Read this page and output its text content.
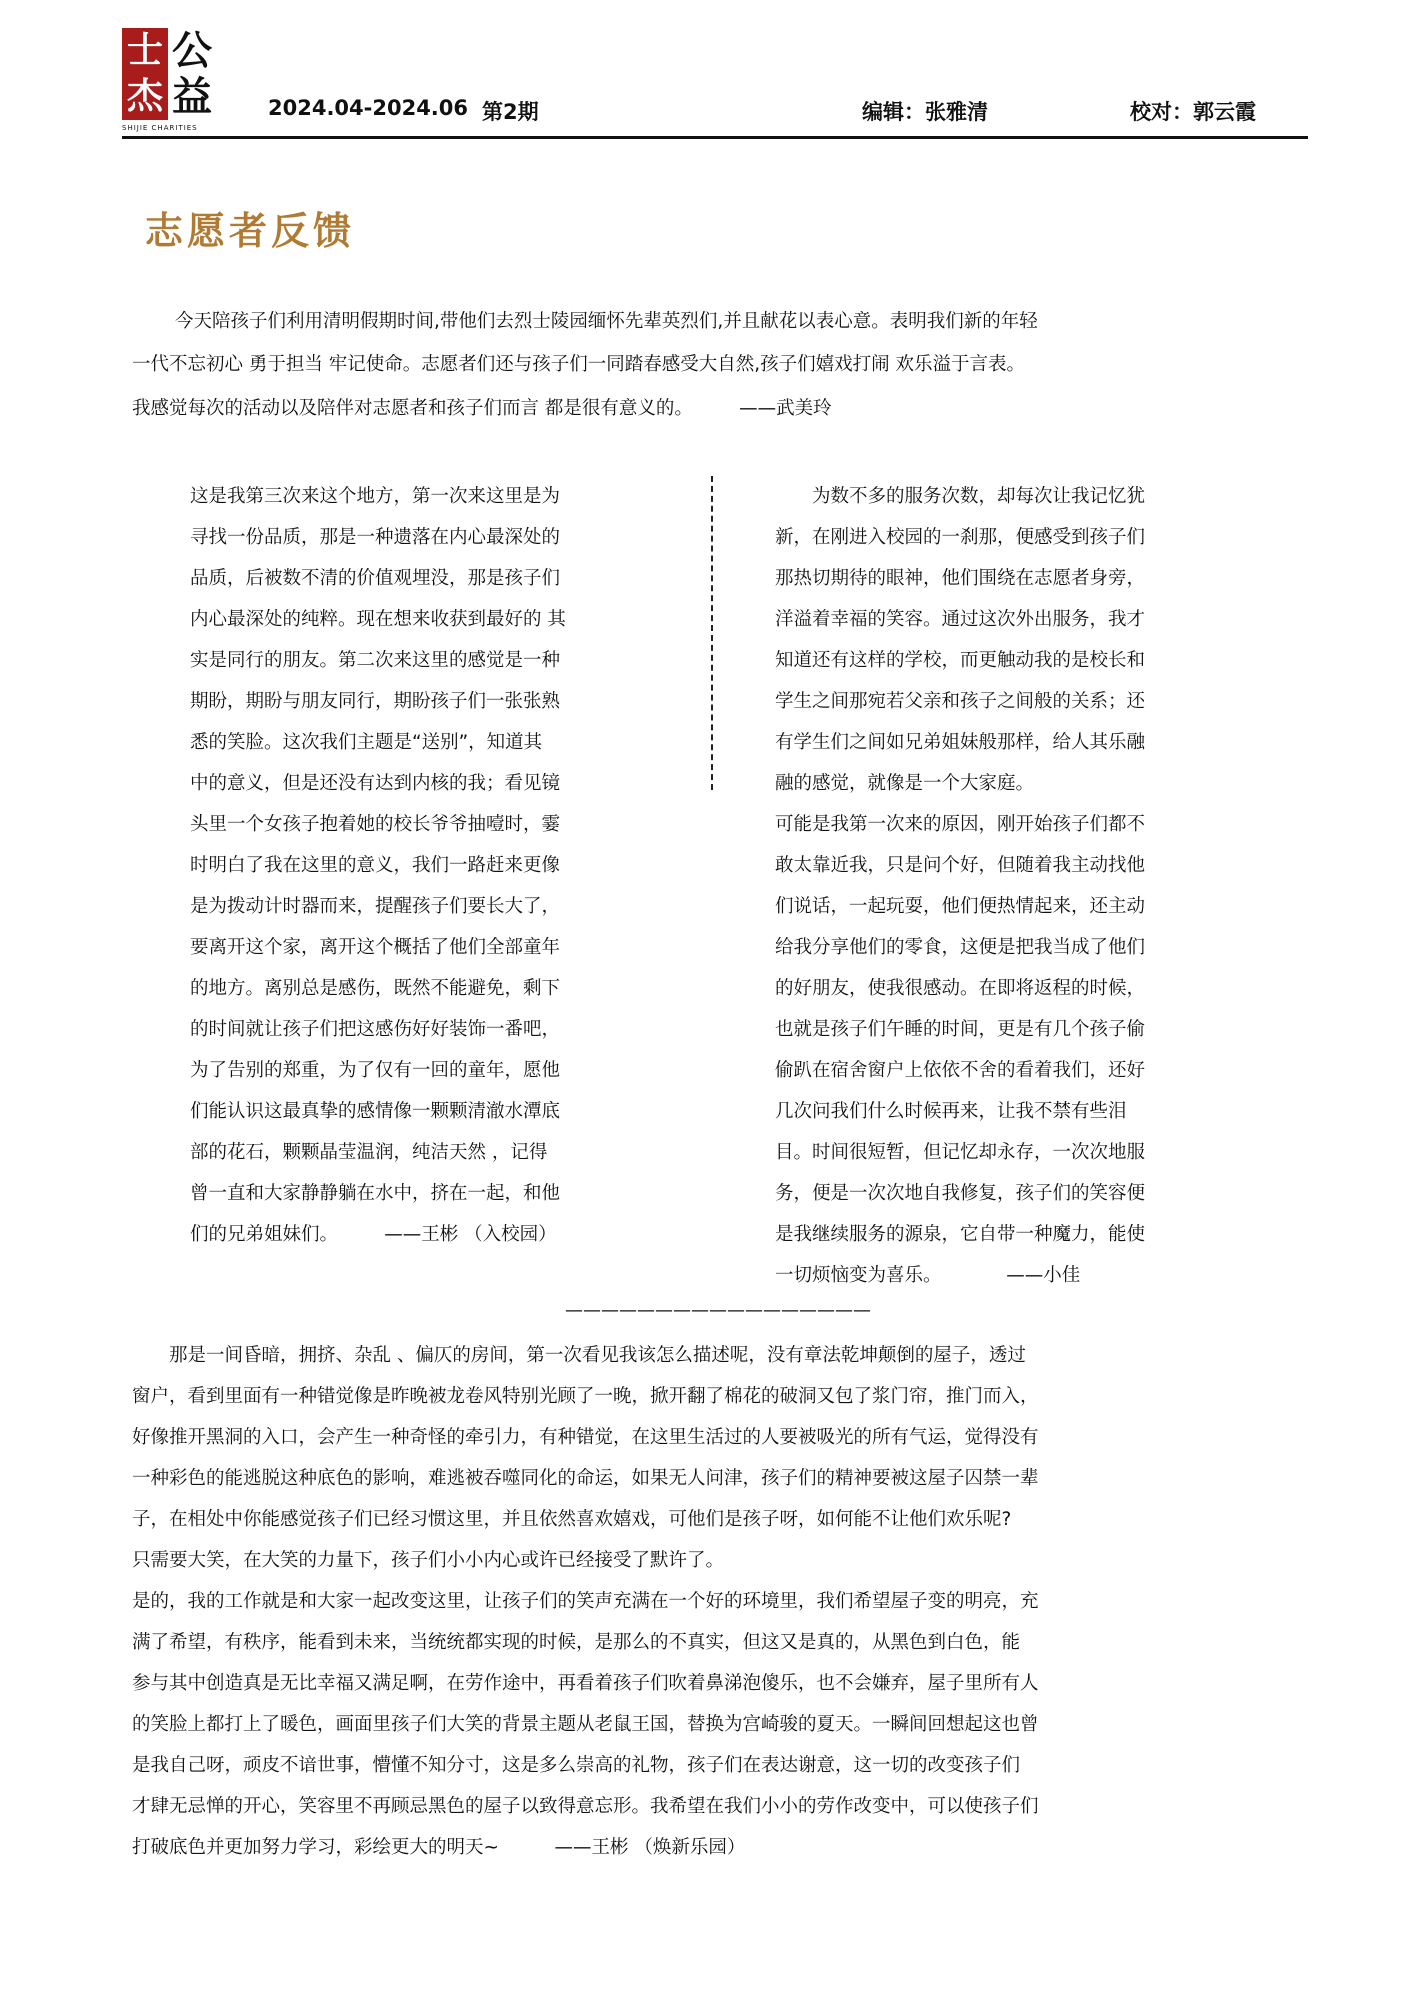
士
杰
公
益
SHIJIE CHARITIES
2024.04-2024.06 第2期	编辑：张雅清	校对：郭云霞
志愿者反馈
今天陪孩子们利用清明假期时间,带他们去烈士陵园缅怀先辈英烈们,并且献花以表心意。表明我们新的年轻
一代不忘初心 勇于担当 牢记使命。志愿者们还与孩子们一同踏春感受大自然,孩子们嬉戏打闹 欢乐溢于言表。
我感觉每次的活动以及陪伴对志愿者和孩子们而言 都是很有意义的。　　　——武美玲
这是我第三次来这个地方，第一次来这里是为
寻找一份品质，那是一种遗落在内心最深处的
品质，后被数不清的价值观埋没，那是孩子们
内心最深处的纯粹。现在想来收获到最好的 其
实是同行的朋友。第二次来这里的感觉是一种
期盼，期盼与朋友同行，期盼孩子们一张张熟
悉的笑脸。这次我们主题是“送别”，知道其
中的意义，但是还没有达到内核的我；看见镜
头里一个女孩子抱着她的校长爷爷抽噎时，霎
时明白了我在这里的意义，我们一路赶来更像
是为拨动计时器而来，提醒孩子们要长大了，
要离开这个家，离开这个概括了他们全部童年
的地方。离别总是感伤，既然不能避免，剩下
的时间就让孩子们把这感伤好好装饰一番吧，
为了告别的郑重，为了仅有一回的童年，愿他
们能认识这最真挚的感情像一颗颗清澈水潭底
部的花石，颗颗晶莹温润，纯洁天然 ，记得
曾一直和大家静静躺在水中，挤在一起，和他
们的兄弟姐妹们。　　　——王彬 （入校园）
　　为数不多的服务次数，却每次让我记忆犹
新，在刚进入校园的一刹那，便感受到孩子们
那热切期待的眼神，他们围绕在志愿者身旁，
洋溢着幸福的笑容。通过这次外出服务，我才
知道还有这样的学校，而更触动我的是校长和
学生之间那宛若父亲和孩子之间般的关系；还
有学生们之间如兄弟姐妹般那样，给人其乐融
融的感觉，就像是一个大家庭。
可能是我第一次来的原因，刚开始孩子们都不
敢太靠近我，只是问个好，但随着我主动找他
们说话，一起玩耍，他们便热情起来，还主动
给我分享他们的零食，这便是把我当成了他们
的好朋友，使我很感动。在即将返程的时候，
也就是孩子们午睡的时间，更是有几个孩子偷
偷趴在宿舍窗户上依依不舍的看着我们，还好
几次问我们什么时候再来，让我不禁有些泪
目。时间很短暂，但记忆却永存，一次次地服
务，便是一次次地自我修复，孩子们的笑容便
是我继续服务的源泉，它自带一种魔力，能使
一切烦恼变为喜乐。　　　　——小佳
—————————————————
　　那是一间昏暗，拥挤、杂乱 、偏仄的房间，第一次看见我该怎么描述呢，没有章法乾坤颠倒的屋子，透过
窗户，看到里面有一种错觉像是昨晚被龙卷风特别光顾了一晚，掀开翻了棉花的破洞又包了浆门帘，推门而入，
好像推开黑洞的入口，会产生一种奇怪的牵引力，有种错觉，在这里生活过的人要被吸光的所有气运，觉得没有
一种彩色的能逃脱这种底色的影响，难逃被吞噬同化的命运，如果无人问津，孩子们的精神要被这屋子囚禁一辈
子，在相处中你能感觉孩子们已经习惯这里，并且依然喜欢嬉戏，可他们是孩子呀，如何能不让他们欢乐呢?
只需要大笑，在大笑的力量下，孩子们小小内心或许已经接受了默许了。
是的，我的工作就是和大家一起改变这里，让孩子们的笑声充满在一个好的环境里，我们希望屋子变的明亮，充
满了希望，有秩序，能看到未来，当统统都实现的时候，是那么的不真实，但这又是真的，从黑色到白色，能
参与其中创造真是无比幸福又满足啊，在劳作途中，再看着孩子们吹着鼻涕泡傻乐，也不会嫌弃，屋子里所有人
的笑脸上都打上了暖色，画面里孩子们大笑的背景主题从老鼠王国，替换为宫崎骏的夏天。一瞬间回想起这也曾
是我自己呀，顽皮不谙世事，懵懂不知分寸，这是多么崇高的礼物，孩子们在表达谢意，这一切的改变孩子们
才肆无忌惮的开心，笑容里不再顾忌黑色的屋子以致得意忘形。我希望在我们小小的劳作改变中，可以使孩子们
打破底色并更加努力学习，彩绘更大的明天~　　　——王彬 （焕新乐园）
